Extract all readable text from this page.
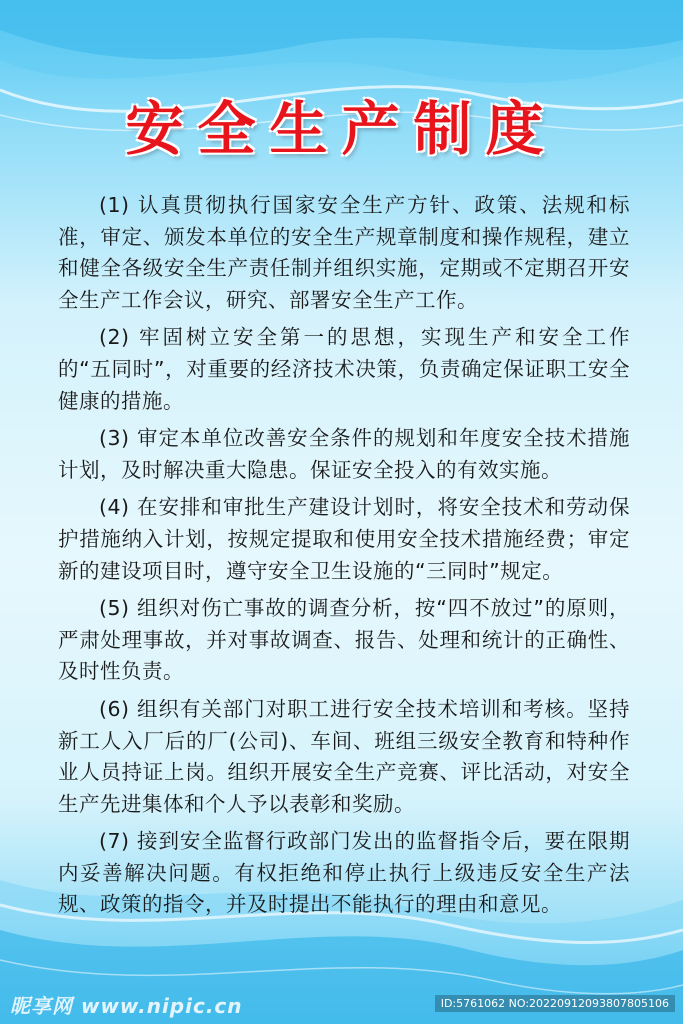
安全生产制度

(1) 认真贯彻执行国家安全生产方针、政策、法规和标准，审定、颁发本单位的安全生产规章制度和操作规程，建立和健全各级安全生产责任制并组织实施，定期或不定期召开安全生产工作会议，研究、部署安全生产工作。

(2) 牢固树立安全第一的思想，实现生产和安全工作的“五同时”，对重要的经济技术决策，负责确定保证职工安全健康的措施。

(3) 审定本单位改善安全条件的规划和年度安全技术措施计划，及时解决重大隐患。保证安全投入的有效实施。

(4) 在安排和审批生产建设计划时，将安全技术和劳动保护措施纳入计划，按规定提取和使用安全技术措施经费；审定新的建设项目时，遵守安全卫生设施的“三同时”规定。

(5) 组织对伤亡事故的调查分析，按“四不放过”的原则，严肃处理事故，并对事故调查、报告、处理和统计的正确性、及时性负责。

(6) 组织有关部门对职工进行安全技术培训和考核。坚持新工人入厂后的厂(公司)、车间、班组三级安全教育和特种作业人员持证上岗。组织开展安全生产竞赛、评比活动，对安全生产先进集体和个人予以表彰和奖励。

(7) 接到安全监督行政部门发出的监督指令后，要在限期内妥善解决问题。有权拒绝和停止执行上级违反安全生产法规、政策的指令，并及时提出不能执行的理由和意见。

昵享网 www.nipic.cn	ID:5761062 NO:20220912093807805106
